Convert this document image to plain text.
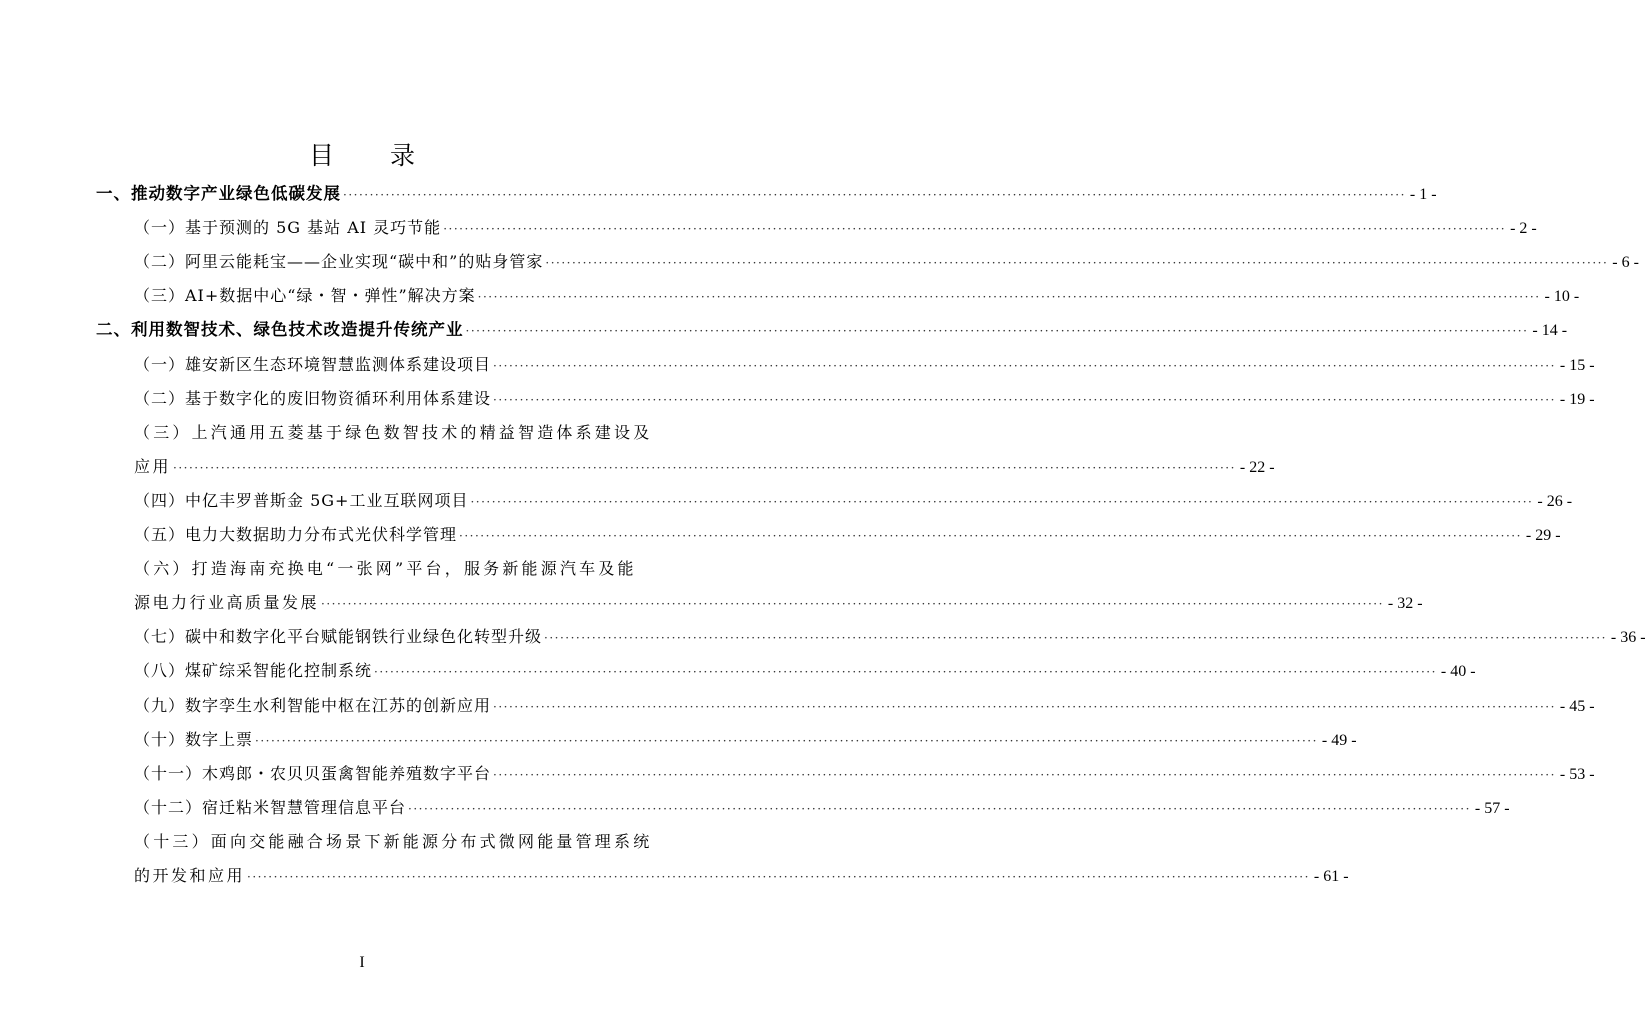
目 录
一、推动数字产业绿色低碳发展 ········································································································································································································ - 1 -
（一）基于预测的 5G 基站 AI 灵巧节能 ········································································································································································································ - 2 -
（二）阿里云能耗宝——企业实现“碳中和”的贴身管家 ········································································································································································································ - 6 -
（三）AI+数据中心“绿・智・弹性”解决方案 ········································································································································································································ - 10 -
二、利用数智技术、绿色技术改造提升传统产业 ········································································································································································································ - 14 -
（一）雄安新区生态环境智慧监测体系建设项目 ········································································································································································································ - 15 -
（二）基于数字化的废旧物资循环利用体系建设 ········································································································································································································ - 19 -
（三）上汽通用五菱基于绿色数智技术的精益智造体系建设及
应用 ········································································································································································································ - 22 -
（四）中亿丰罗普斯金 5G+工业互联网项目 ········································································································································································································ - 26 -
（五）电力大数据助力分布式光伏科学管理 ········································································································································································································ - 29 -
（六）打造海南充换电“一张网”平台，服务新能源汽车及能
源电力行业高质量发展 ········································································································································································································ - 32 -
（七）碳中和数字化平台赋能钢铁行业绿色化转型升级 ········································································································································································································ - 36 -
（八）煤矿综采智能化控制系统 ········································································································································································································ - 40 -
（九）数字孪生水利智能中枢在江苏的创新应用 ········································································································································································································ - 45 -
（十）数字上票 ········································································································································································································ - 49 -
（十一）木鸡郎・农贝贝蛋禽智能养殖数字平台 ········································································································································································································ - 53 -
（十二）宿迁粘米智慧管理信息平台 ········································································································································································································ - 57 -
（十三）面向交能融合场景下新能源分布式微网能量管理系统
的开发和应用 ········································································································································································································ - 61 -
I
